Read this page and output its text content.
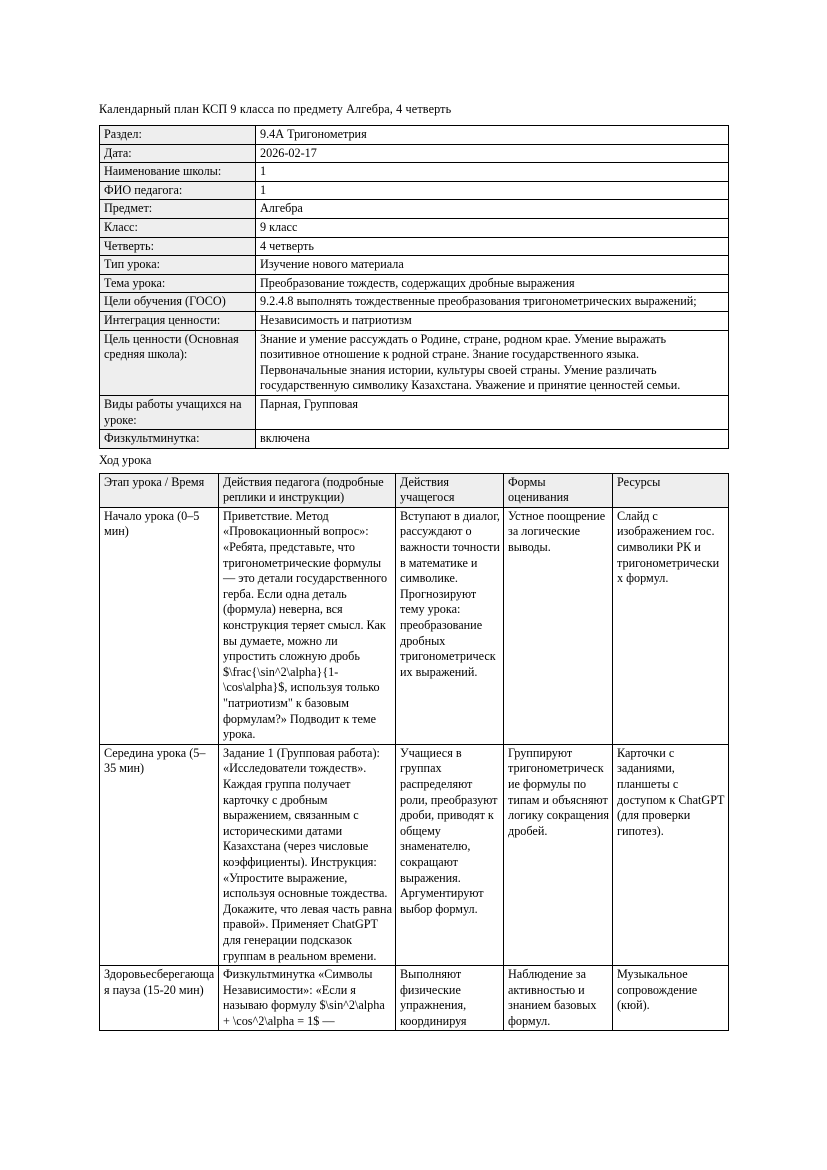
Календарный план КСП 9 класса по предмету Алгебра, 4 четверть
Раздел:	9.4А Тригонометрия
Дата:	2026-02-17
Наименование школы:	1
ФИО педагога:	1
Предмет:	Алгебра
Класс:	9 класс
Четверть:	4 четверть
Тип урока:	Изучение нового материала
Тема урока:	Преобразование тождеств, содержащих дробные выражения
Цели обучения (ГОСО)	9.2.4.8 выполнять тождественные преобразования тригонометрических выражений;
Интеграция ценности:	Независимость и патриотизм
Цель ценности (Основная средняя школа):	Знание и умение рассуждать о Родине, стране, родном крае. Умение выражать позитивное отношение к родной стране. Знание государственного языка. Первоначальные знания истории, культуры своей страны. Умение различать государственную символику Казахстана. Уважение и принятие ценностей семьи.
Виды работы учащихся на уроке:	Парная, Групповая
Физкультминутка:	включена
Ход урока
Этап урока / Время	Действия педагога (подробные реплики и инструкции)	Действия учащегося	Формы оценивания	Ресурсы
Начало урока (0–5 мин)	Приветствие. Метод «Провокационный вопрос»: «Ребята, представьте, что тригонометрические формулы — это детали государственного герба. Если одна деталь (формула) неверна, вся конструкция теряет смысл. Как вы думаете, можно ли упростить сложную дробь $\frac{\sin^2\alpha}{1-\cos\alpha}$, используя только "патриотизм" к базовым формулам?» Подводит к теме урока.	Вступают в диалог, рассуждают о важности точности в математике и символике. Прогнозируют тему урока: преобразование дробных тригонометрических выражений.	Устное поощрение за логические выводы.	Слайд с изображением гос. символики РК и тригонометрических формул.
Середина урока (5–35 мин)	Задание 1 (Групповая работа): «Исследователи тождеств». Каждая группа получает карточку с дробным выражением, связанным с историческими датами Казахстана (через числовые коэффициенты). Инструкция: «Упростите выражение, используя основные тождества. Докажите, что левая часть равна правой». Применяет ChatGPT для генерации подсказок группам в реальном времени.	Учащиеся в группах распределяют роли, преобразуют дроби, приводят к общему знаменателю, сокращают выражения. Аргументируют выбор формул.	Группируют тригонометрические формулы по типам и объясняют логику сокращения дробей.	Карточки с заданиями, планшеты с доступом к ChatGPT (для проверки гипотез).
Здоровьесберегающая пауза (15-20 мин)	Физкультминутка «Символы Независимости»: «Если я называю формулу $\sin^2\alpha + \cos^2\alpha = 1$ —	Выполняют физические упражнения, координируя	Наблюдение за активностью и знанием базовых формул.	Музыкальное сопровождение (кюй).
